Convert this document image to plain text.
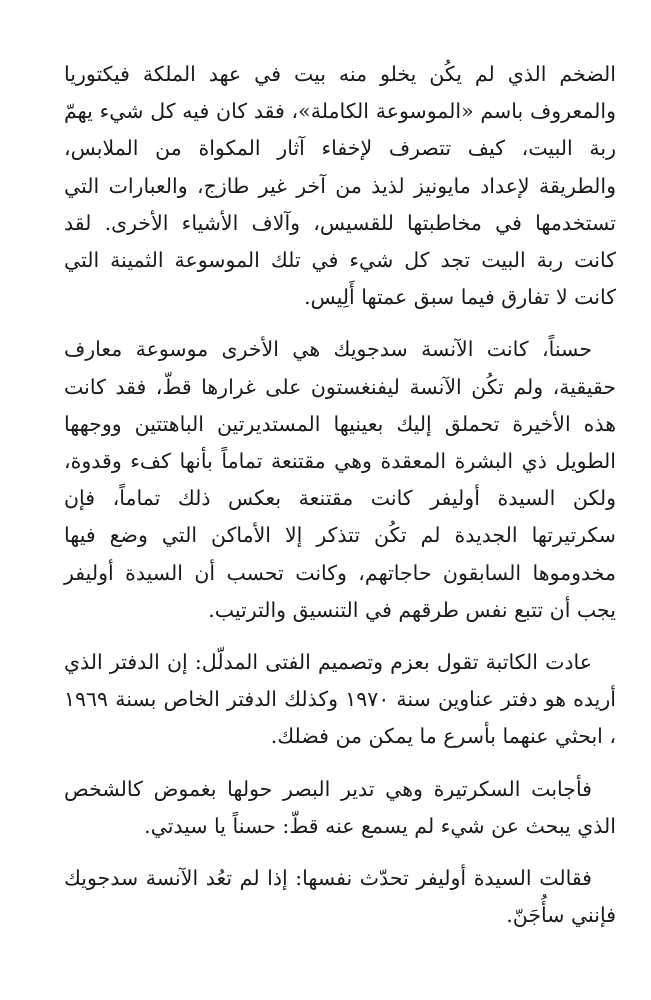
الضخم الذي لم يكُن يخلو منه بيت في عهد الملكة فيكتوريا والمعروف باسم «الموسوعة الكاملة»، فقد كان فيه كل شيء يهمّ ربة البيت، كيف تتصرف لإخفاء آثار المكواة من الملابس، والطريقة لإعداد مايونيز لذيذ من آخر غير طازج، والعبارات التي تستخدمها في مخاطبتها للقسيس، وآلاف الأشياء الأخرى. لقد كانت ربة البيت تجد كل شيء في تلك الموسوعة الثمينة التي كانت لا تفارق فيما سبق عمتها أَلِيس.

حسناً، كانت الآنسة سدجويك هي الأخرى موسوعة معارف حقيقية، ولم تكُن الآنسة ليفنغستون على غرارها قطّ، فقد كانت هذه الأخيرة تحملق إليك بعينيها المستديرتين الباهتتين ووجهها الطويل ذي البشرة المعقدة وهي مقتنعة تماماً بأنها كفء وقدوة، ولكن السيدة أوليفر كانت مقتنعة بعكس ذلك تماماً، فإن سكرتيرتها الجديدة لم تكُن تتذكر إلا الأماكن التي وضع فيها مخدوموها السابقون حاجاتهم، وكانت تحسب أن السيدة أوليفر يجب أن تتبع نفس طرقهم في التنسيق والترتيب.

عادت الكاتبة تقول بعزم وتصميم الفتى المدلّل: إن الدفتر الذي أريده هو دفتر عناوين سنة ١٩٧٠ وكذلك الدفتر الخاص بسنة ١٩٦٩ ، ابحثي عنهما بأسرع ما يمكن من فضلك.

فأجابت السكرتيرة وهي تدير البصر حولها بغموض كالشخص الذي يبحث عن شيء لم يسمع عنه قطّ: حسناً يا سيدتي.

فقالت السيدة أوليفر تحدّث نفسها: إذا لم تعُد الآنسة سدجويك فإنني سأُجَنّ.
